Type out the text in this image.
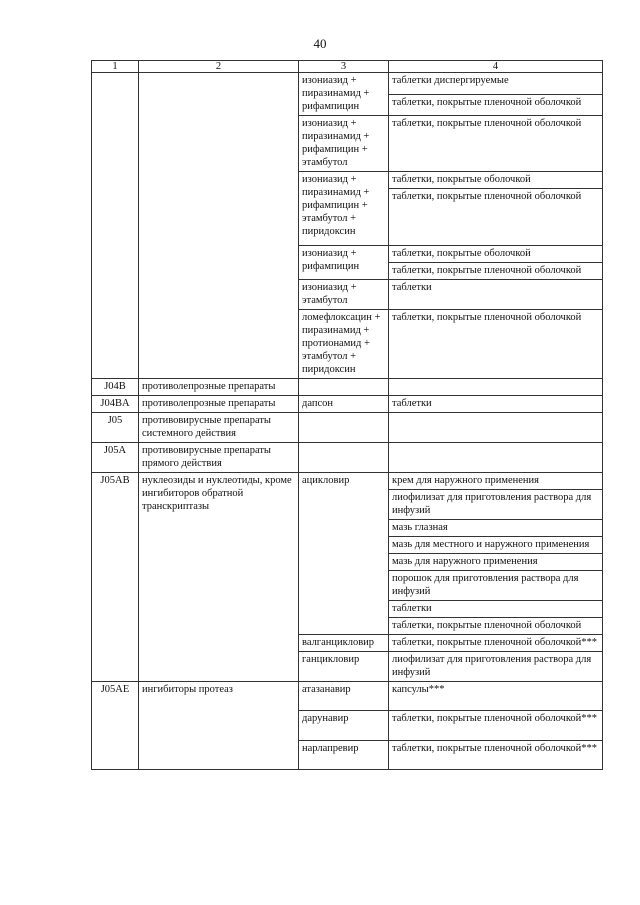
40
1	2	3	4
		изониазид + пиразинамид + рифампицин	таблетки диспергируемые
			таблетки, покрытые пленочной оболочкой
		изониазид + пиразинамид + рифампицин + этамбутол	таблетки, покрытые пленочной оболочкой
		изониазид + пиразинамид + рифампицин + этамбутол + пиридоксин	таблетки, покрытые оболочкой
			таблетки, покрытые пленочной оболочкой
		изониазид + рифампицин	таблетки, покрытые оболочкой
			таблетки, покрытые пленочной оболочкой
		изониазид + этамбутол	таблетки
		ломефлоксацин + пиразинамид + протионамид + этамбутол + пиридоксин	таблетки, покрытые пленочной оболочкой
J04B	противолепрозные препараты		
J04BA	противолепрозные препараты	дапсон	таблетки
J05	противовирусные препараты системного действия		
J05A	противовирусные препараты прямого действия		
J05AB	нуклеозиды и нуклеотиды, кроме ингибиторов обратной транскриптазы	ацикловир	крем для наружного применения
			лиофилизат для приготовления раствора для инфузий
			мазь глазная
			мазь для местного и наружного применения
			мазь для наружного применения
			порошок для приготовления раствора для инфузий
			таблетки
			таблетки, покрытые пленочной оболочкой
		валганцикловир	таблетки, покрытые пленочной оболочкой***
		ганцикловир	лиофилизат для приготовления раствора для инфузий
J05AE	ингибиторы протеаз	атазанавир	капсулы***
		дарунавир	таблетки, покрытые пленочной оболочкой***
		нарлапревир	таблетки, покрытые пленочной оболочкой***
